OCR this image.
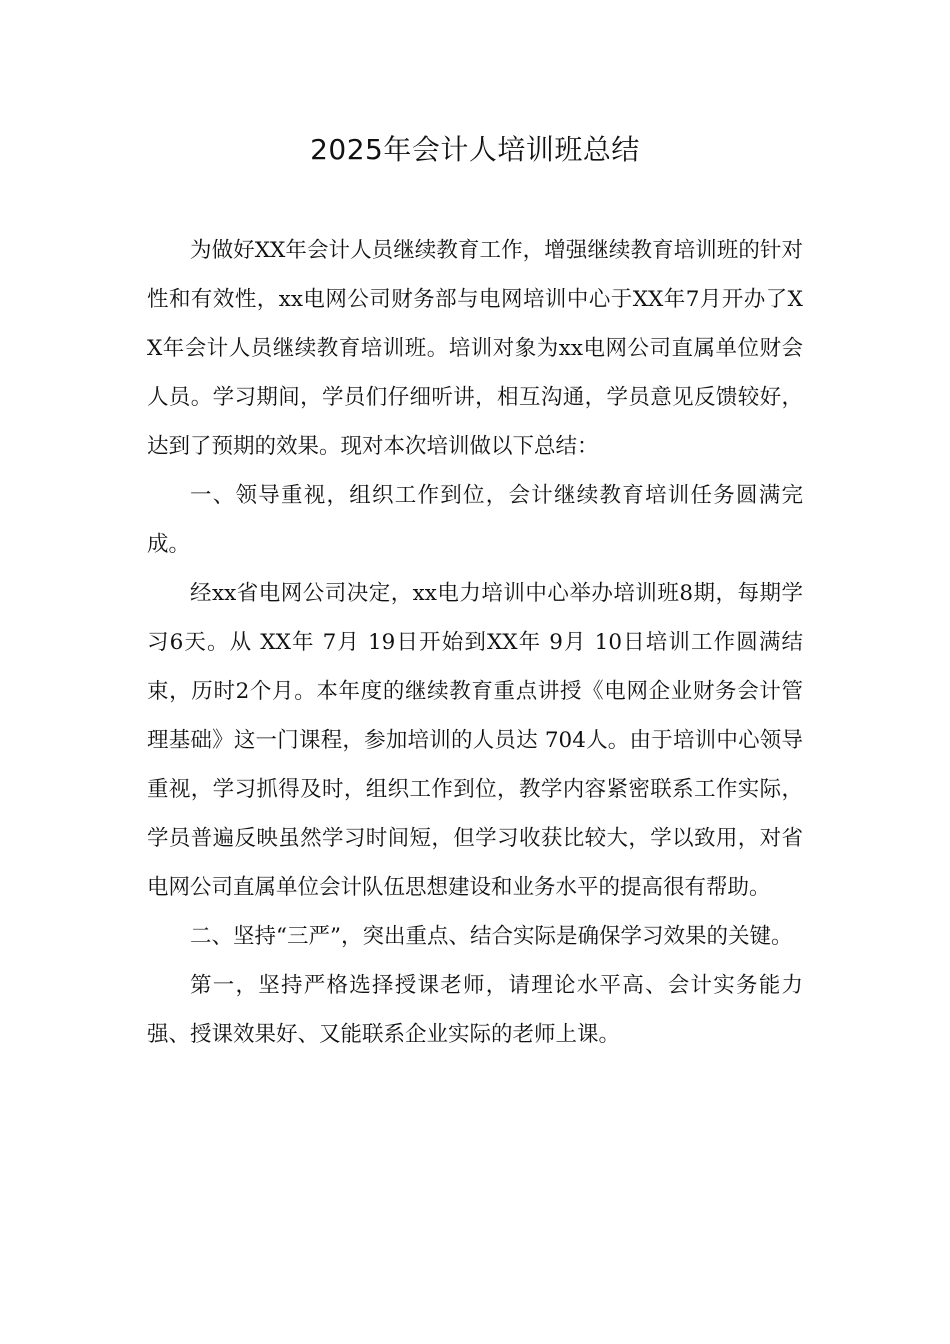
2025年会计人培训班总结

为做好XX年会计人员继续教育工作，增强继续教育培训班的针对性和有效性，xx电网公司财务部与电网培训中心于XX年7月开办了XX年会计人员继续教育培训班。培训对象为xx电网公司直属单位财会人员。学习期间，学员们仔细听讲，相互沟通，学员意见反馈较好，达到了预期的效果。现对本次培训做以下总结：

一、领导重视，组织工作到位，会计继续教育培训任务圆满完成。

经xx省电网公司决定，xx电力培训中心举办培训班8期，每期学习6天。从 XX年 7月 19日开始到XX年 9月 10日培训工作圆满结束，历时2个月。本年度的继续教育重点讲授《电网企业财务会计管理基础》这一门课程，参加培训的人员达 704人。由于培训中心领导重视，学习抓得及时，组织工作到位，教学内容紧密联系工作实际，学员普遍反映虽然学习时间短，但学习收获比较大，学以致用，对省电网公司直属单位会计队伍思想建设和业务水平的提高很有帮助。

二、坚持“三严”，突出重点、结合实际是确保学习效果的关键。

第一，坚持严格选择授课老师，请理论水平高、会计实务能力强、授课效果好、又能联系企业实际的老师上课。
